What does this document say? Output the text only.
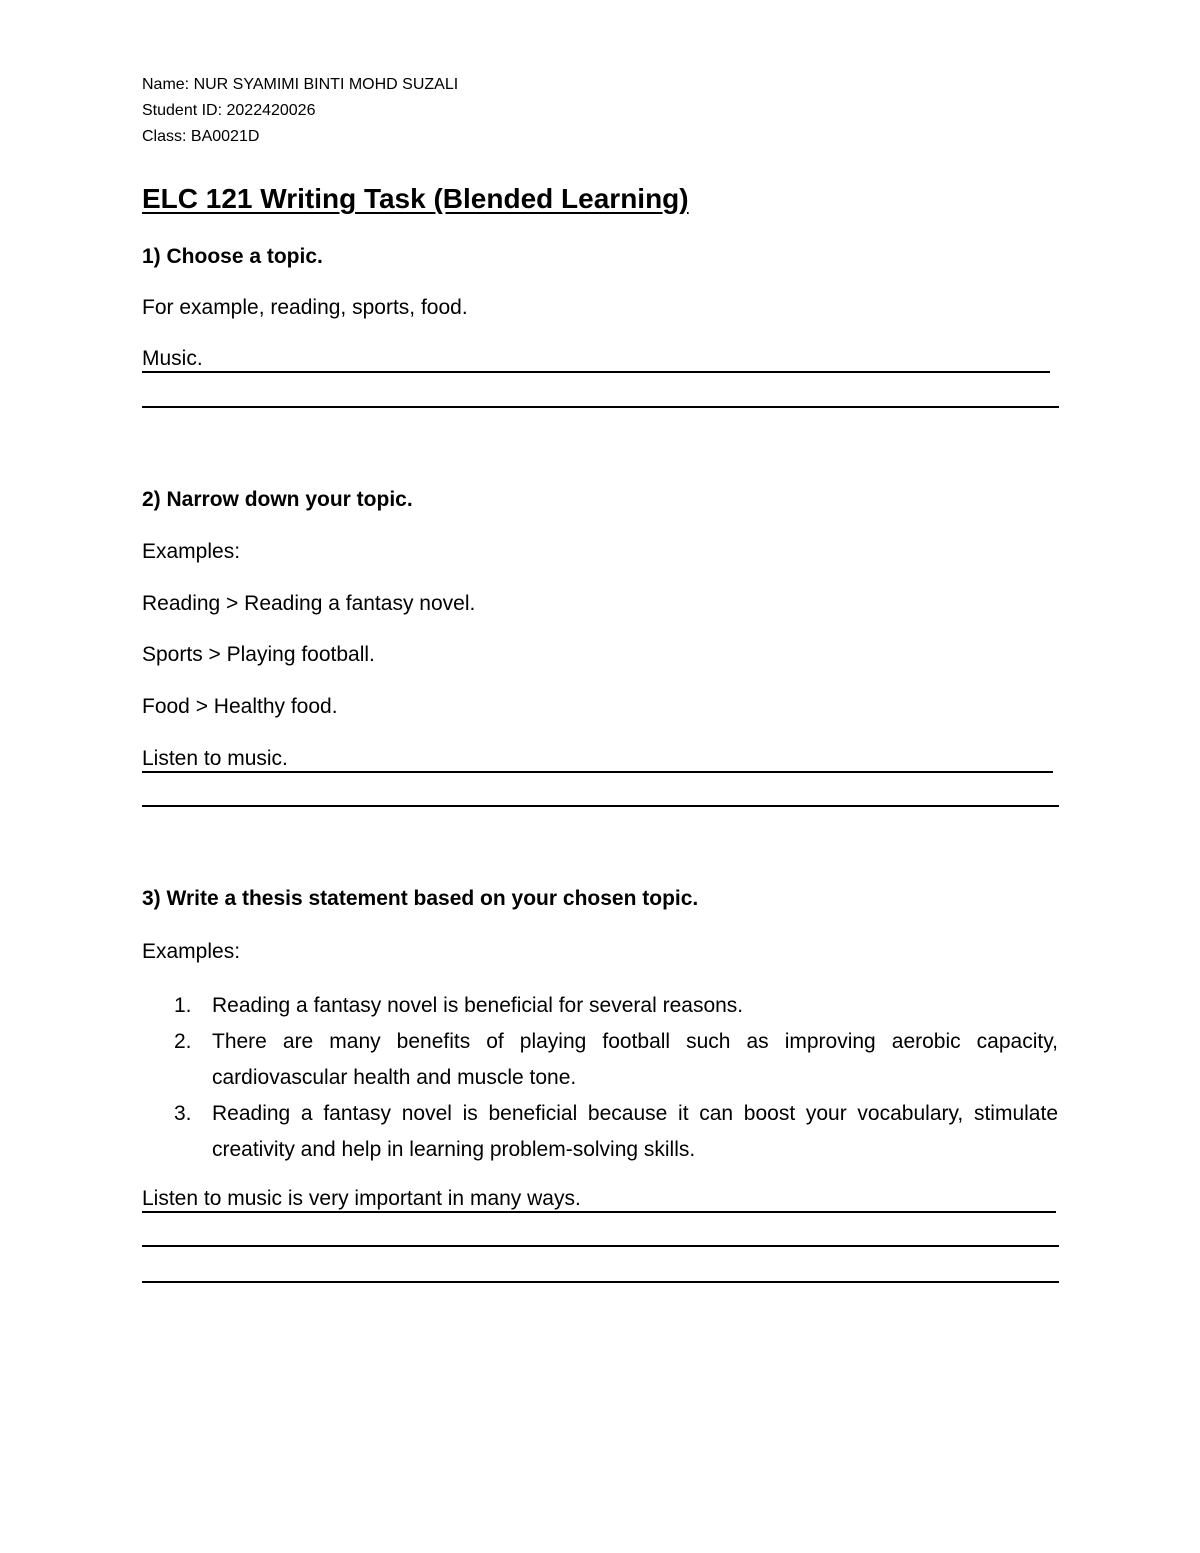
Name: NUR SYAMIMI BINTI MOHD SUZALI
Student ID: 2022420026
Class: BA0021D
ELC 121 Writing Task (Blended Learning)
1) Choose a topic.
For example, reading, sports, food.
Music.
2) Narrow down your topic.
Examples:
Reading > Reading a fantasy novel.
Sports > Playing football.
Food > Healthy food.
Listen to music.
3) Write a thesis statement based on your chosen topic.
Examples:
1. Reading a fantasy novel is beneficial for several reasons.
2. There are many benefits of playing football such as improving aerobic capacity, cardiovascular health and muscle tone.
3. Reading a fantasy novel is beneficial because it can boost your vocabulary, stimulate creativity and help in learning problem-solving skills.
Listen to music is very important in many ways.
